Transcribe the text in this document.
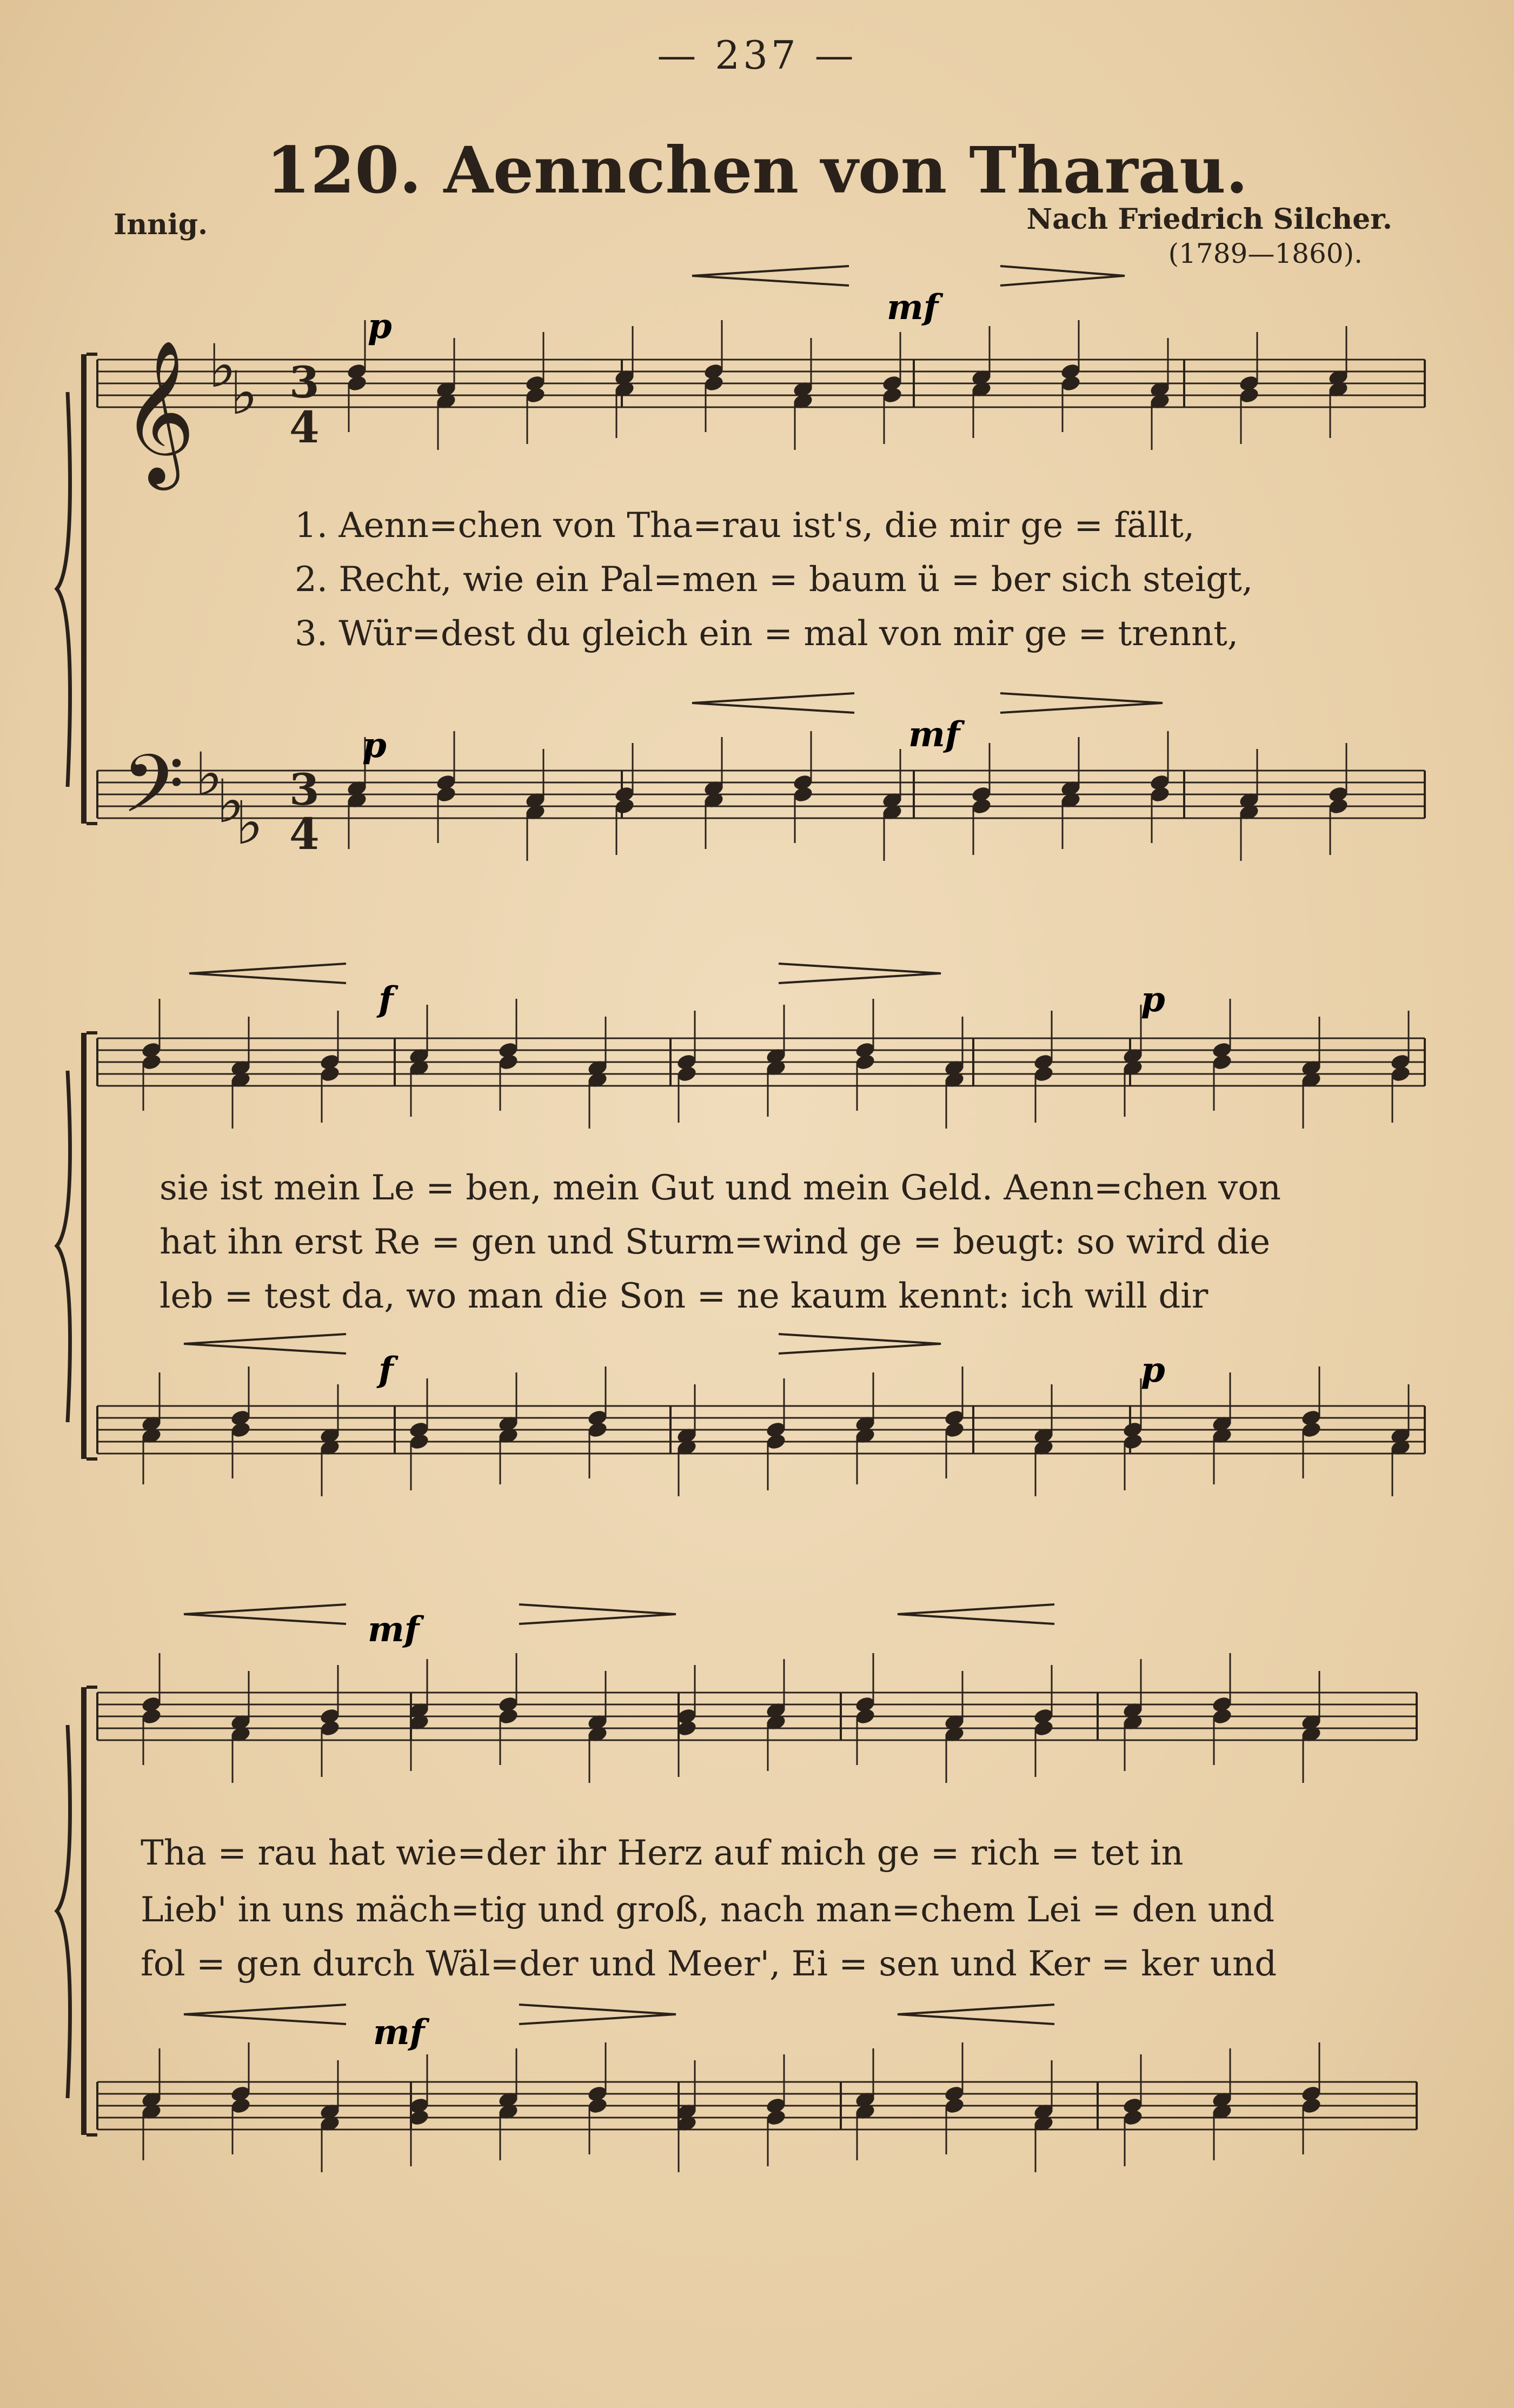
— 237 —
120. Aennchen von Tharau.
Innig.	Nach Friedrich Silcher.
(1789—1860).
𝄞
𝄢
♭
♭
♭
♭
♭
3
4
3
4
p	mf
p	mf
f	p
f	p
mf
mf
1. Aenn=chen von Tha=rau ist's, die mir ge = fällt,
2. Recht, wie ein Pal=men = baum ü = ber sich steigt,
3. Wür=dest du gleich ein = mal von mir ge = trennt,
sie ist mein Le = ben, mein Gut und mein Geld. Aenn=chen von
hat ihn erst Re = gen und Sturm=wind ge = beugt: so wird die
leb = test da, wo man die Son = ne kaum kennt: ich will dir
Tha = rau hat wie=der ihr Herz auf mich ge = rich = tet in
Lieb' in uns mäch=tig und groß, nach man=chem Lei = den und
fol = gen durch Wäl=der und Meer', Ei = sen und Ker = ker und
